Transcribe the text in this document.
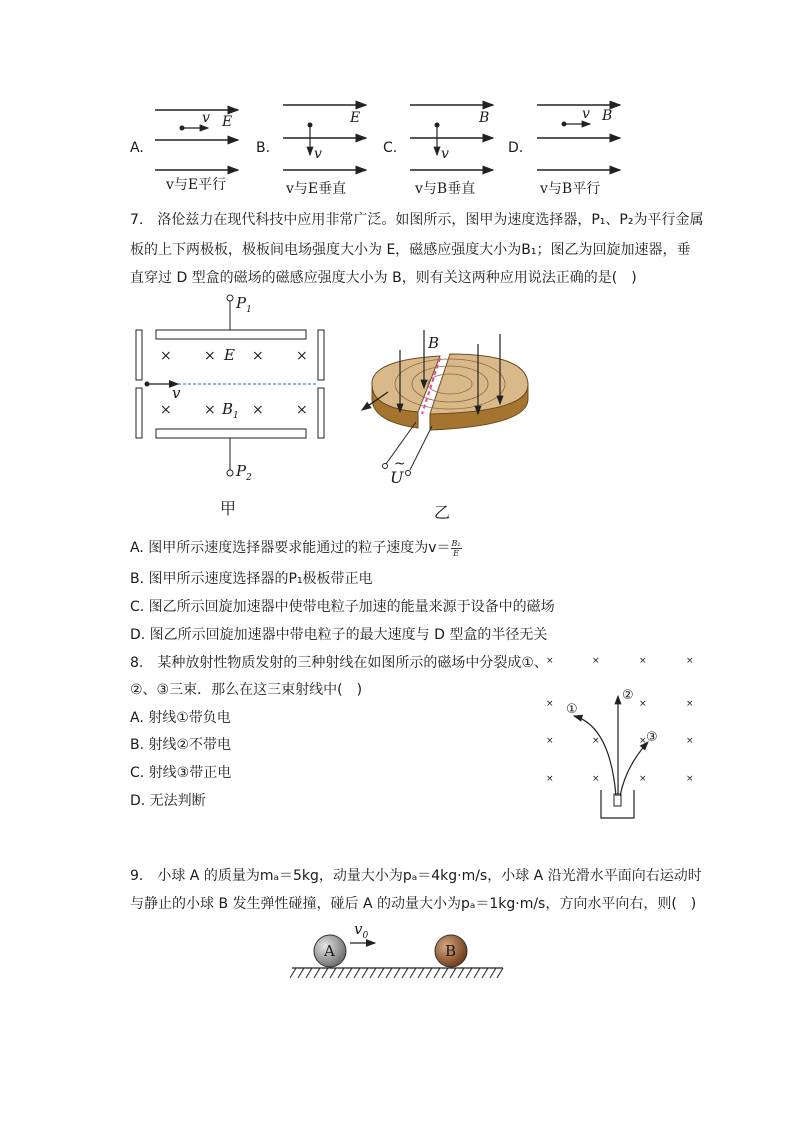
A.
v E
v与E平行
B.
E
v
v与E垂直
C.
B
v
v与B垂直
D.
v B
v与B平行
7.　洛伦兹力在现代科技中应用非常广泛。如图所示，图甲为速度选择器，P₁、P₂为平行金属
板的上下两极板，极板间电场强度大小为 E，磁感应强度大小为B₁；图乙为回旋加速器，垂
直穿过 D 型盒的磁场的磁感应强度大小为 B，则有关这两种应用说法正确的是(　)
× ×	× ×
× ×	× ×
$P_1$
E
v
$B_1$
$P_2$
甲
B
~
U
乙
A. 图甲所示速度选择器要求能通过的粒子速度为$v= \frac{\text{B₁}}{E}$
B. 图甲所示速度选择器的P₁极板带正电
C. 图乙所示回旋加速器中使带电粒子加速的能量来源于设备中的磁场
D. 图乙所示回旋加速器中带电粒子的最大速度与 D 型盒的半径无关
8.　某种放射性物质发射的三种射线在如图所示的磁场中分裂成①、
②、③三束．那么在这三束射线中(　)
A. 射线①带负电
B. 射线②不带电
C. 射线③带正电
D. 无法判断
×	×	×	×
×	×	×
×	×	×	×
×	×	×	×
①
②
③
9.　小球 A 的质量为mₐ＝5kg，动量大小为pₐ＝4kg·m/s，小球 A 沿光滑水平面向右运动时
与静止的小球 B 发生弹性碰撞，碰后 A 的动量大小为pₐ＝1kg·m/s，方向水平向右，则(　)
A	B
$v_0$
